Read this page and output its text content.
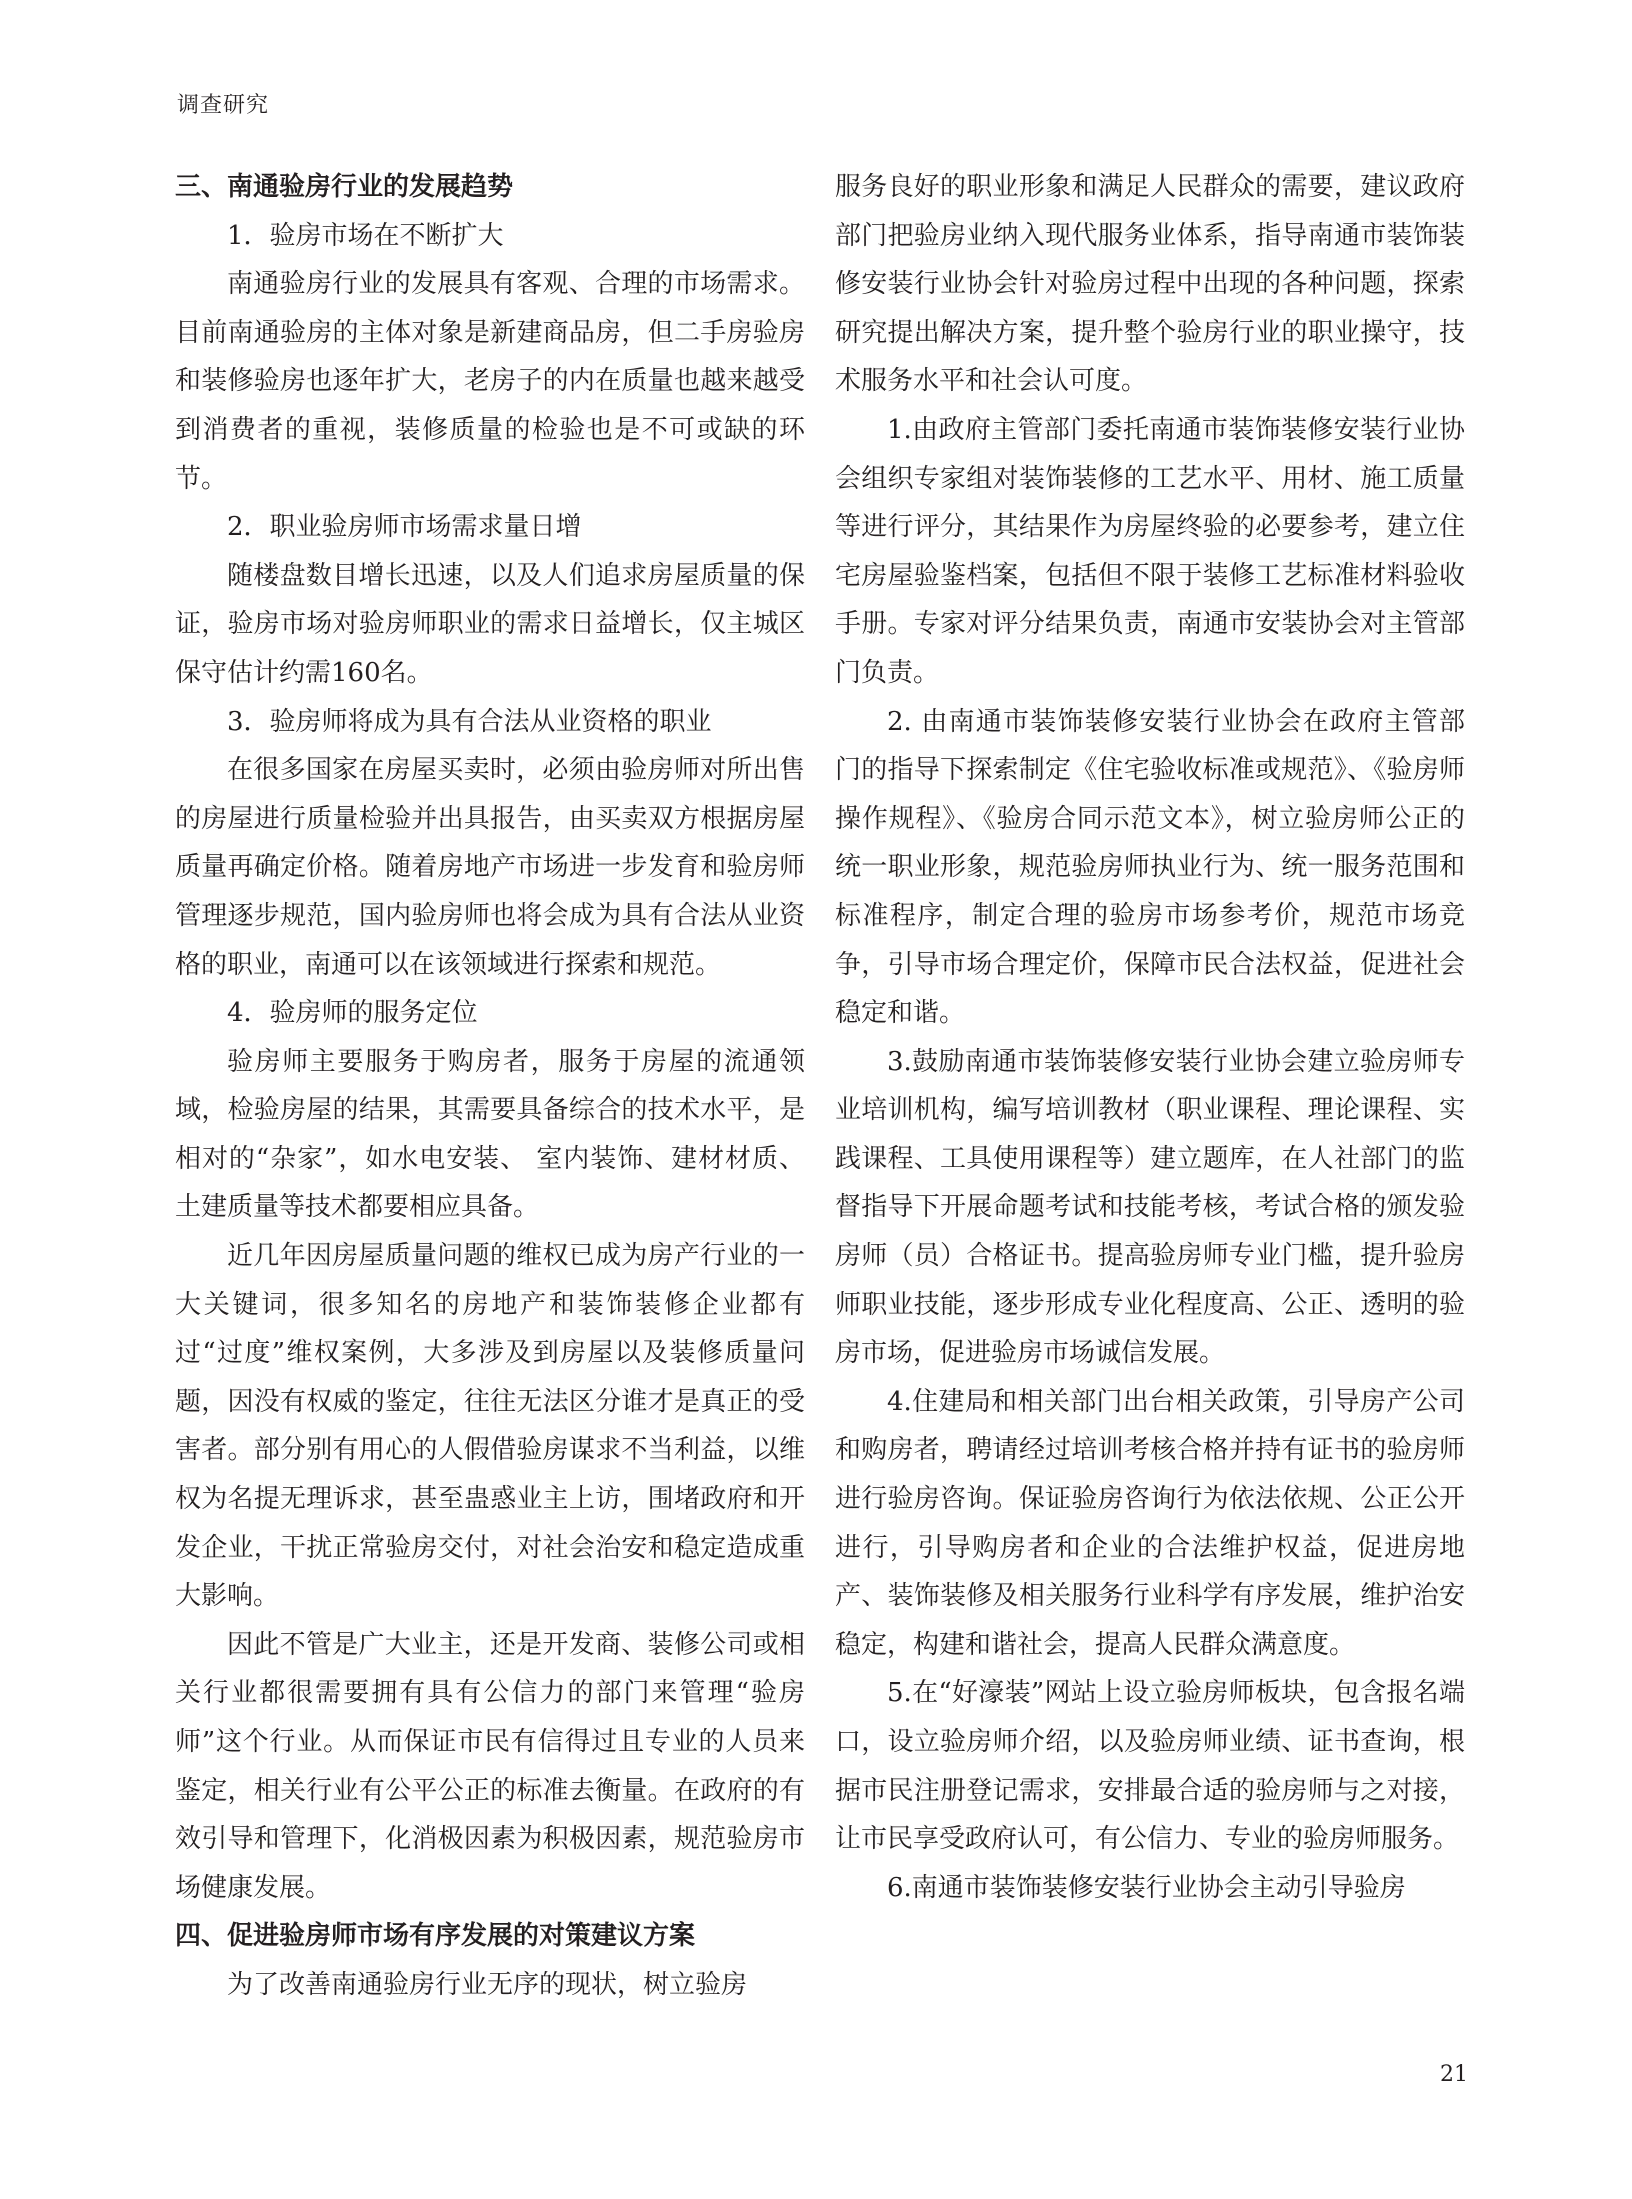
调查研究

三、南通验房行业的发展趋势

1．验房市场在不断扩大

南通验房行业的发展具有客观、合理的市场需求。目前南通验房的主体对象是新建商品房，但二手房验房和装修验房也逐年扩大，老房子的内在质量也越来越受到消费者的重视，装修质量的检验也是不可或缺的环节。

2．职业验房师市场需求量日增

随楼盘数目增长迅速，以及人们追求房屋质量的保证，验房市场对验房师职业的需求日益增长，仅主城区保守估计约需160名。

3．验房师将成为具有合法从业资格的职业

在很多国家在房屋买卖时，必须由验房师对所出售的房屋进行质量检验并出具报告，由买卖双方根据房屋质量再确定价格。随着房地产市场进一步发育和验房师管理逐步规范，国内验房师也将会成为具有合法从业资格的职业，南通可以在该领域进行探索和规范。

4．验房师的服务定位

验房师主要服务于购房者，服务于房屋的流通领域，检验房屋的结果，其需要具备综合的技术水平，是相对的“杂家”，如水电安装、 室内装饰、建材材质、土建质量等技术都要相应具备。

近几年因房屋质量问题的维权已成为房产行业的一大关键词，很多知名的房地产和装饰装修企业都有过“过度”维权案例，大多涉及到房屋以及装修质量问题，因没有权威的鉴定，往往无法区分谁才是真正的受害者。部分别有用心的人假借验房谋求不当利益，以维权为名提无理诉求，甚至蛊惑业主上访，围堵政府和开发企业，干扰正常验房交付，对社会治安和稳定造成重大影响。

因此不管是广大业主，还是开发商、装修公司或相关行业都很需要拥有具有公信力的部门来管理“验房师”这个行业。从而保证市民有信得过且专业的人员来鉴定，相关行业有公平公正的标准去衡量。在政府的有效引导和管理下，化消极因素为积极因素，规范验房市场健康发展。

四、促进验房师市场有序发展的对策建议方案

为了改善南通验房行业无序的现状，树立验房

服务良好的职业形象和满足人民群众的需要，建议政府部门把验房业纳入现代服务业体系，指导南通市装饰装修安装行业协会针对验房过程中出现的各种问题，探索研究提出解决方案，提升整个验房行业的职业操守，技术服务水平和社会认可度。

1.由政府主管部门委托南通市装饰装修安装行业协会组织专家组对装饰装修的工艺水平、用材、施工质量等进行评分，其结果作为房屋终验的必要参考，建立住宅房屋验鉴档案，包括但不限于装修工艺标准材料验收手册。专家对评分结果负责，南通市安装协会对主管部门负责。

2. 由南通市装饰装修安装行业协会在政府主管部门的指导下探索制定《住宅验收标准或规范》、《验房师操作规程》、《验房合同示范文本》，树立验房师公正的统一职业形象，规范验房师执业行为、统一服务范围和标准程序，制定合理的验房市场参考价，规范市场竞争，引导市场合理定价，保障市民合法权益，促进社会稳定和谐。

3.鼓励南通市装饰装修安装行业协会建立验房师专业培训机构，编写培训教材（职业课程、理论课程、实践课程、工具使用课程等）建立题库，在人社部门的监督指导下开展命题考试和技能考核，考试合格的颁发验房师（员）合格证书。提高验房师专业门槛，提升验房师职业技能，逐步形成专业化程度高、公正、透明的验房市场，促进验房市场诚信发展。

4.住建局和相关部门出台相关政策，引导房产公司和购房者，聘请经过培训考核合格并持有证书的验房师进行验房咨询。保证验房咨询行为依法依规、公正公开进行，引导购房者和企业的合法维护权益，促进房地产、装饰装修及相关服务行业科学有序发展，维护治安稳定，构建和谐社会，提高人民群众满意度。

5.在“好濠装”网站上设立验房师板块，包含报名端口，设立验房师介绍，以及验房师业绩、证书查询，根据市民注册登记需求，安排最合适的验房师与之对接，让市民享受政府认可，有公信力、专业的验房师服务。

6.南通市装饰装修安装行业协会主动引导验房

21
